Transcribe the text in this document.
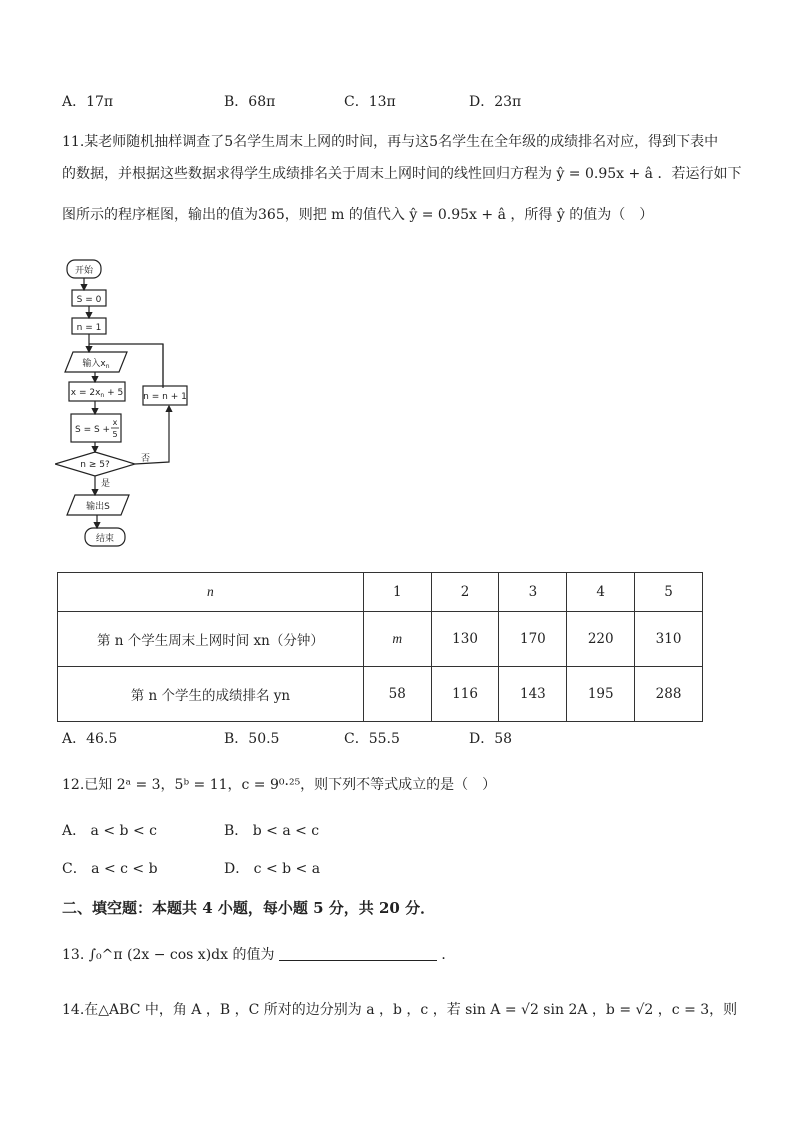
A．17π	B．68π	C．13π	D．23π
11.某老师随机抽样调查了5名学生周末上网的时间，再与这5名学生在全年级的成绩排名对应，得到下表中
的数据，并根据这些数据求得学生成绩排名关于周末上网时间的线性回归方程为 ŷ = 0.95x + â ．若运行如下
图所示的程序框图，输出的值为365，则把 m 的值代入 ŷ = 0.95x + â ，所得 ŷ 的值为（　）
开始
S = 0
n = 1
输入$x_n$
$x = 2x_n + 5$
S = S +
x
5
n ≥ 5?
否
是
n = n + 1
输出S
结束
n	1	2	3	4	5
第 n 个学生周末上网时间 xn（分钟）	m	130	170	220	310
第 n 个学生的成绩排名 yn	58	116	143	195	288
A．46.5	B．50.5	C．55.5	D．58
12.已知 2ᵃ = 3，5ᵇ = 11，c = 9⁰·²⁵，则下列不等式成立的是（　）
A． a < b < c	B． b < a < c
C． a < c < b	D． c < b < a
二、填空题：本题共 4 小题，每小题 5 分，共 20 分．
13. ∫₀^π (2x − cos x)dx 的值为	．
14.在△ABC 中，角 A ，B ，C 所对的边分别为 a ，b ，c ，若 sin A = √2 sin 2A ，b = √2 ，c = 3，则
